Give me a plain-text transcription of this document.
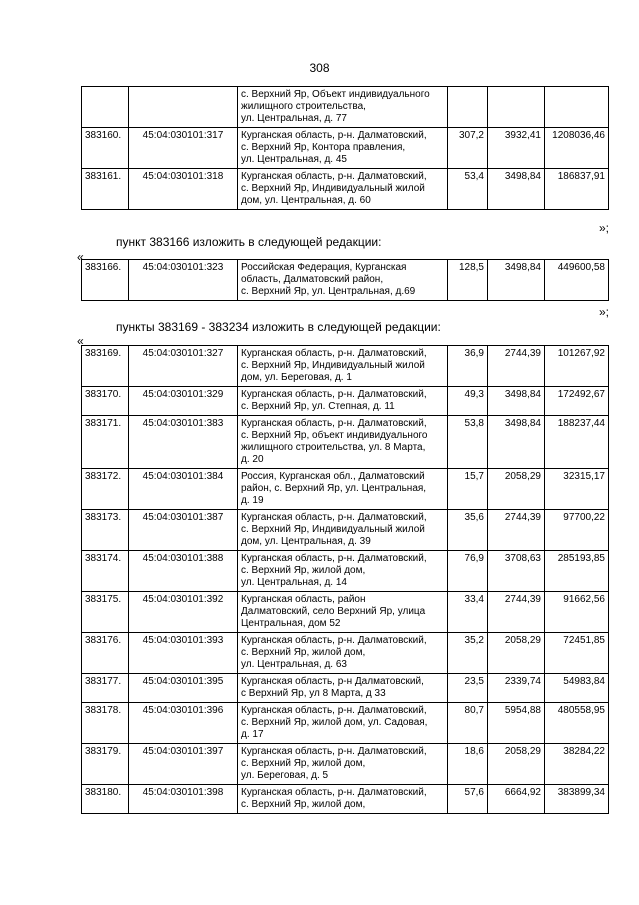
308

		с. Верхний Яр, Объект индивидуального
жилищного строительства,
ул. Центральная, д. 77			

383160.	45:04:030101:317	Курганская область, р-н. Далматовский,
с. Верхний Яр, Контора правления,
ул. Центральная, д. 45	307,2	3932,41	1208036,46
383161.	45:04:030101:318	Курганская область, р-н. Далматовский,
с. Верхний Яр, Индивидуальный жилой
дом, ул. Центральная, д. 60	53,4	3498,84	186837,91
»;
пункт 383166 изложить в следующей редакции:
«
383166.	45:04:030101:323	Российская Федерация, Курганская
область, Далматовский район,
с. Верхний Яр, ул. Центральная, д.69
	128,5	3498,84	449600,58
»;
пункты 383169 - 383234 изложить в следующей редакции:
«
383169.	45:04:030101:327	Курганская область, р-н. Далматовский,
с. Верхний Яр, Индивидуальный жилой
дом, ул. Береговая, д. 1	36,9	2744,39	101267,92
383170.	45:04:030101:329	Курганская область, р-н. Далматовский,
с. Верхний Яр, ул. Степная, д. 11	49,3	3498,84	172492,67
383171.	45:04:030101:383	Курганская область, р-н. Далматовский,
с. Верхний Яр, объект индивидуального
жилищного строительства, ул. 8 Марта,
д. 20	53,8	3498,84	188237,44
383172.	45:04:030101:384	Россия, Курганская обл., Далматовский
район, с. Верхний Яр, ул. Центральная,
д. 19	15,7	2058,29	32315,17
383173.	45:04:030101:387	Курганская область, р-н. Далматовский,
с. Верхний Яр, Индивидуальный жилой
дом, ул. Центральная, д. 39	35,6	2744,39	97700,22
383174.	45:04:030101:388	Курганская область, р-н. Далматовский,
с. Верхний Яр, жилой дом,
ул. Центральная, д. 14	76,9	3708,63	285193,85
383175.	45:04:030101:392	Курганская область, район
Далматовский, село Верхний Яр, улица
Центральная, дом 52	33,4	2744,39	91662,56
383176.	45:04:030101:393	Курганская область, р-н. Далматовский,
с. Верхний Яр, жилой дом,
ул. Центральная, д. 63	35,2	2058,29	72451,85
383177.	45:04:030101:395	Курганская область, р-н Далматовский,
с Верхний Яр, ул 8 Марта, д 33	23,5	2339,74	54983,84
383178.	45:04:030101:396	Курганская область, р-н. Далматовский,
с. Верхний Яр, жилой дом, ул. Садовая,
д. 17	80,7	5954,88	480558,95
383179.	45:04:030101:397	Курганская область, р-н. Далматовский,
с. Верхний Яр, жилой дом,
ул. Береговая, д. 5	18,6	2058,29	38284,22
383180.	45:04:030101:398	Курганская область, р-н. Далматовский,
с. Верхний Яр, жилой дом,	57,6	6664,92	383899,34
